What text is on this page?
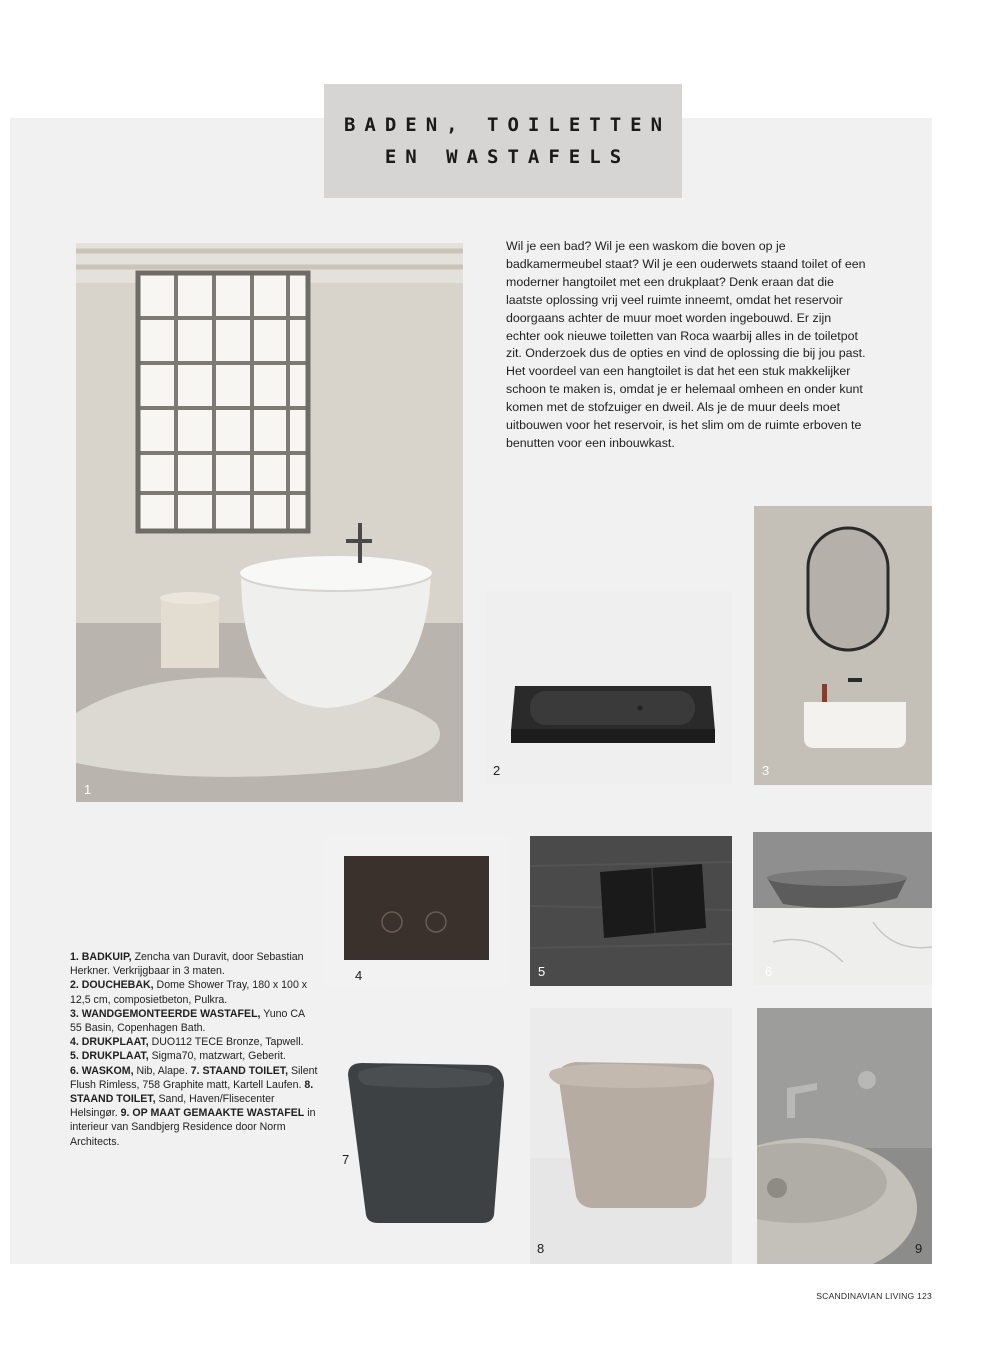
BADEN, TOILETTEN
EN WASTAFELS

Wil je een bad? Wil je een waskom die boven op je badkamermeubel staat? Wil je een ouderwets staand toilet of een moderner hangtoilet met een drukplaat? Denk eraan dat die laatste oplossing vrij veel ruimte inneemt, omdat het reservoir doorgaans achter de muur moet worden ingebouwd. Er zijn echter ook nieuwe toiletten van Roca waarbij alles in de toiletpot zit. Onderzoek dus de opties en vind de oplossing die bij jou past. Het voordeel van een hangtoilet is dat het een stuk makkelijker schoon te maken is, omdat je er helemaal omheen en onder kunt komen met de stofzuiger en dweil. Als je de muur deels moet uitbouwen voor het reservoir, is het slim om de ruimte erboven te benutten voor een inbouwkast.

1
2	3
4	5	6
7
8	9

1. BADKUIP, Zencha van Duravit, door Sebastian Herkner. Verkrijgbaar in 3 maten.
2. DOUCHEBAK, Dome Shower Tray, 180 x 100 x 12,5 cm, composietbeton, Pulkra.
3. WANDGEMONTEERDE WASTAFEL, Yuno CA 55 Basin, Copenhagen Bath.
4. DRUKPLAAT, DUO112 TECE Bronze, Tapwell.
5. DRUKPLAAT, Sigma70, matzwart, Geberit.
6. WASKOM, Nib, Alape. 7. STAAND TOILET, Silent Flush Rimless, 758 Graphite matt, Kartell Laufen. 8. STAAND TOILET, Sand, Haven/Flisecenter Helsingør. 9. OP MAAT GEMAAKTE WASTAFEL in interieur van Sandbjerg Residence door Norm Architects.

SCANDINAVIAN LIVING 123
